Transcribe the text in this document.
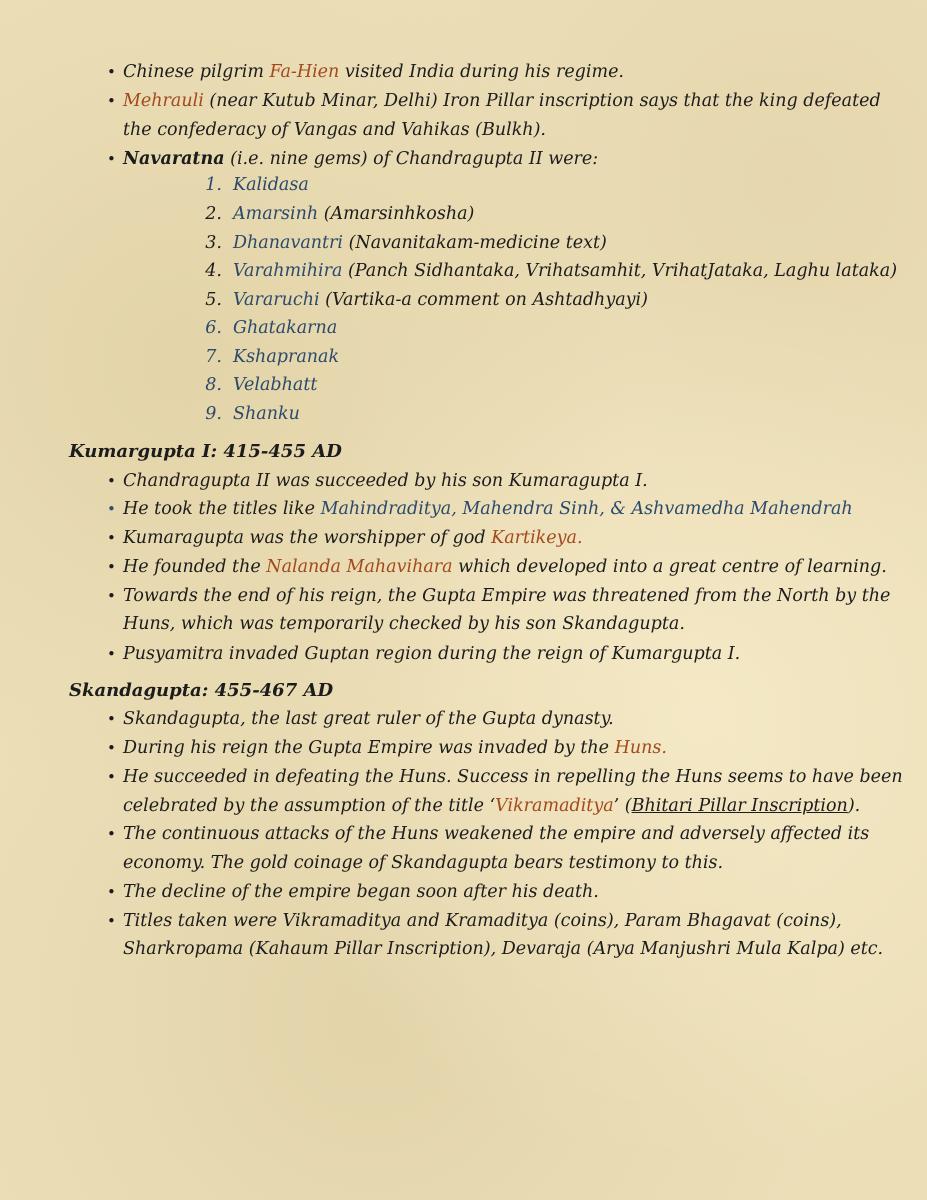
• Chinese pilgrim Fa-Hien visited India during his regime.
• Mehrauli (near Kutub Minar, Delhi) Iron Pillar inscription says that the king defeated
the confederacy of Vangas and Vahikas (Bulkh).
• Navaratna (i.e. nine gems) of Chandragupta II were:
1. Kalidasa
2. Amarsinh (Amarsinhkosha)
3. Dhanavantri (Navanitakam-medicine text)
4. Varahmihira (Panch Sidhantaka, Vrihatsamhit, VrihatJataka, Laghu lataka)
5. Vararuchi (Vartika-a comment on Ashtadhyayi)
6. Ghatakarna
7. Kshapranak
8. Velabhatt
9. Shanku
Kumargupta I: 415-455 AD
• Chandragupta II was succeeded by his son Kumaragupta I.
• He took the titles like Mahindraditya, Mahendra Sinh, & Ashvamedha Mahendrah
• Kumaragupta was the worshipper of god Kartikeya.
• He founded the Nalanda Mahavihara which developed into a great centre of learning.
• Towards the end of his reign, the Gupta Empire was threatened from the North by the
Huns, which was temporarily checked by his son Skandagupta.
• Pusyamitra invaded Guptan region during the reign of Kumargupta I.
Skandagupta: 455-467 AD
• Skandagupta, the last great ruler of the Gupta dynasty.
• During his reign the Gupta Empire was invaded by the Huns.
• He succeeded in defeating the Huns. Success in repelling the Huns seems to have been
celebrated by the assumption of the title ‘Vikramaditya’ (Bhitari Pillar Inscription).
• The continuous attacks of the Huns weakened the empire and adversely affected its
economy. The gold coinage of Skandagupta bears testimony to this.
• The decline of the empire began soon after his death.
• Titles taken were Vikramaditya and Kramaditya (coins), Param Bhagavat (coins),
Sharkropama (Kahaum Pillar Inscription), Devaraja (Arya Manjushri Mula Kalpa) etc.
